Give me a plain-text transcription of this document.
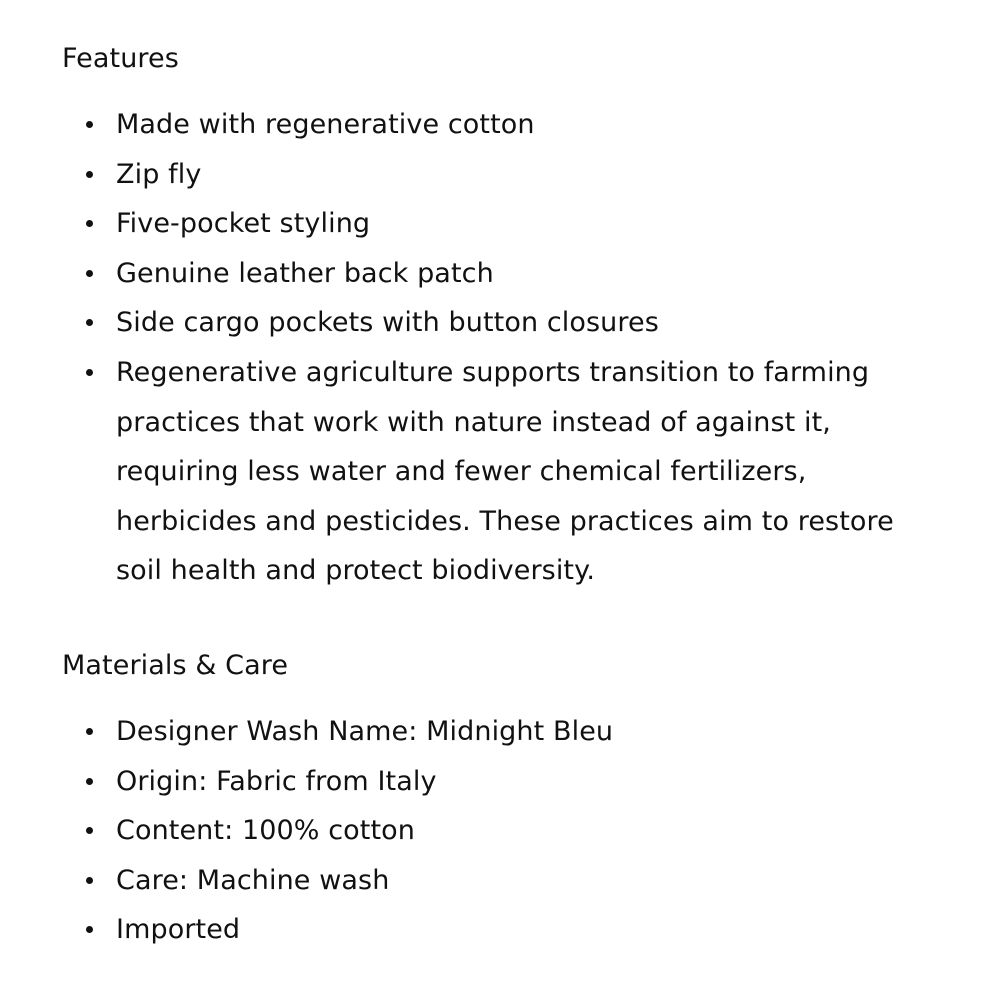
Features
Made with regenerative cotton
Zip fly
Five-pocket styling
Genuine leather back patch
Side cargo pockets with button closures
Regenerative agriculture supports transition to farming practices that work with nature instead of against it, requiring less water and fewer chemical fertilizers, herbicides and pesticides. These practices aim to restore soil health and protect biodiversity.
Materials & Care
Designer Wash Name: Midnight Bleu
Origin: Fabric from Italy
Content: 100% cotton
Care: Machine wash
Imported
